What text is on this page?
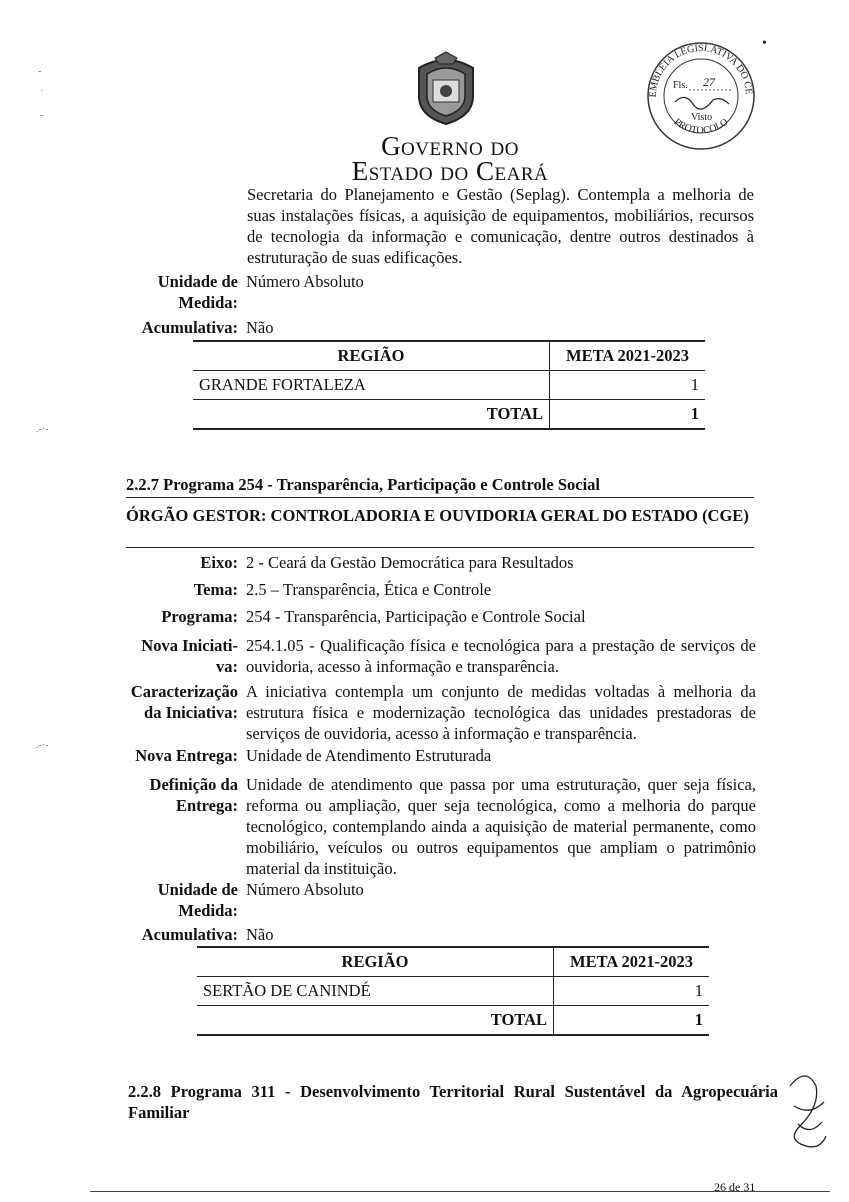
Governo do
Estado do Ceará
EMBLÉIA LEGISLATIVA DO CE
PROTOCOLO
Fls. 27
Visto
-
·
-
•
.-·-
.-·-
Secretaria do Planejamento e Gestão (Seplag). Contempla a melhoria de suas instalações físicas, a aquisição de equipamentos, mobiliários, recursos de tecnologia da informação e comunicação, dentre outros destinados à estruturação de suas edificações.
Unidade de Medida:
Número Absoluto
Acumulativa: Não
REGIÃO	META 2021-2023
GRANDE FORTALEZA	1
TOTAL	1
2.2.7 Programa 254 - Transparência, Participação e Controle Social
ÓRGÃO GESTOR: CONTROLADORIA E OUVIDORIA GERAL DO ESTADO (CGE)
Eixo: 2 - Ceará da Gestão Democrática para Resultados
Tema: 2.5 – Transparência, Ética e Controle
Programa: 254 - Transparência, Participação e Controle Social
Nova Iniciati- va:
254.1.05 - Qualificação física e tecnológica para a prestação de serviços de ouvidoria, acesso à informação e transparência.
Caracterização da Iniciativa:
A iniciativa contempla um conjunto de medidas voltadas à melhoria da estrutura física e modernização tecnológica das unidades prestadoras de serviços de ouvidoria, acesso à informação e transparência.
Nova Entrega: Unidade de Atendimento Estruturada
Definição da Entrega:
Unidade de atendimento que passa por uma estruturação, quer seja física, reforma ou ampliação, quer seja tecnológica, como a melhoria do parque tecnológico, contemplando ainda a aquisição de material permanente, como mobiliário, veículos ou outros equipamentos que ampliam o patrimônio material da instituição.
Unidade de Medida:
Número Absoluto
Acumulativa: Não
REGIÃO	META 2021-2023
SERTÃO DE CANINDÉ	1
TOTAL	1
2.2.8 Programa 311 - Desenvolvimento Territorial Rural Sustentável da Agropecuária Familiar
26 de 31
